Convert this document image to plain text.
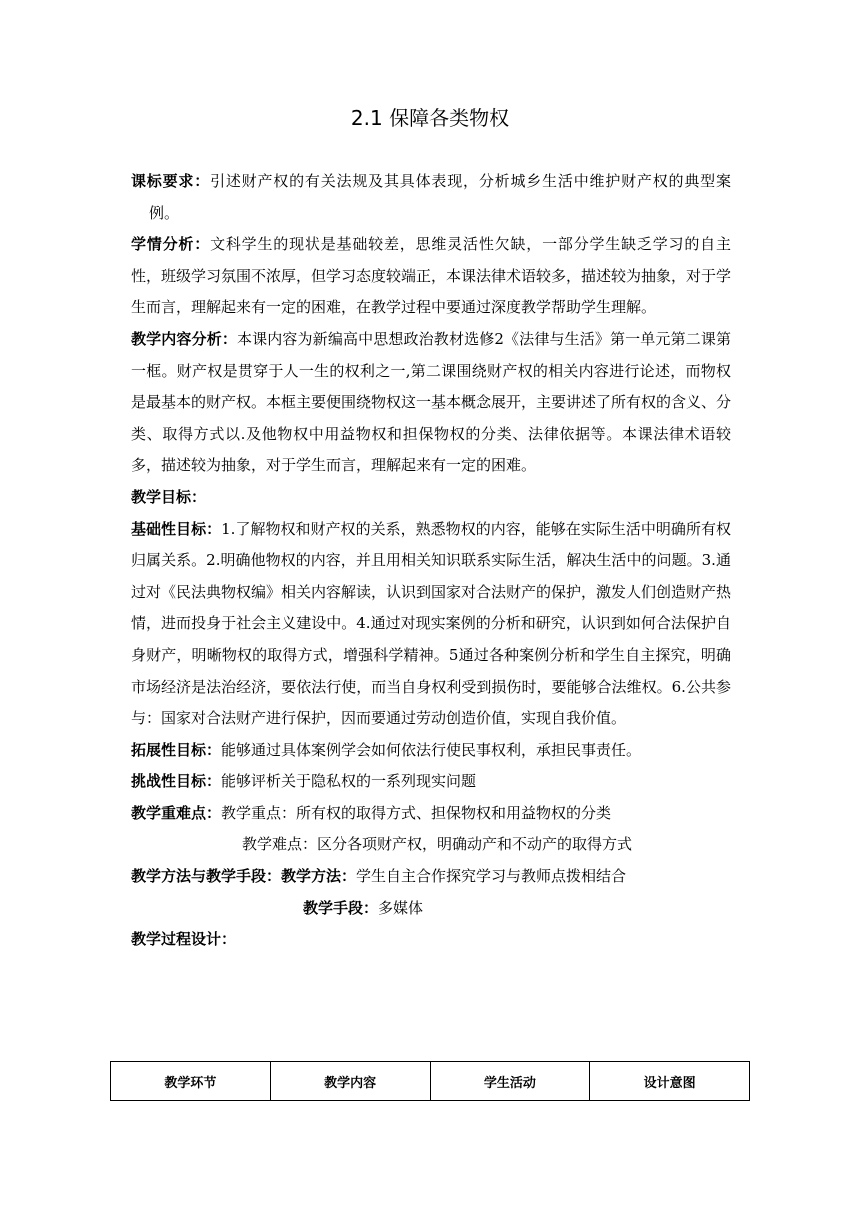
2.1 保障各类物权

课标要求：引述财产权的有关法规及其具体表现，分析城乡生活中维护财产权的典型案例。

学情分析：文科学生的现状是基础较差，思维灵活性欠缺，一部分学生缺乏学习的自主性，班级学习氛围不浓厚，但学习态度较端正，本课法律术语较多，描述较为抽象，对于学生而言，理解起来有一定的困难，在教学过程中要通过深度教学帮助学生理解。

教学内容分析：本课内容为新编高中思想政治教材选修2《法律与生活》第一单元第二课第一框。财产权是贯穿于人一生的权利之一,第二课围绕财产权的相关内容进行论述，而物权是最基本的财产权。本框主要便围绕物权这一基本概念展开，主要讲述了所有权的含义、分类、取得方式以.及他物权中用益物权和担保物权的分类、法律依据等。本课法律术语较多，描述较为抽象，对于学生而言，理解起来有一定的困难。

教学目标：

基础性目标：1.了解物权和财产权的关系，熟悉物权的内容，能够在实际生活中明确所有权归属关系。2.明确他物权的内容，并且用相关知识联系实际生活，解决生活中的问题。3.通过对《民法典物权编》相关内容解读，认识到国家对合法财产的保护，激发人们创造财产热情，进而投身于社会主义建设中。4.通过对现实案例的分析和研究，认识到如何合法保护自身财产，明晰物权的取得方式，增强科学精神。5通过各种案例分析和学生自主探究，明确市场经济是法治经济，要依法行使，而当自身权利受到损伤时，要能够合法维权。6.公共参与：国家对合法财产进行保护，因而要通过劳动创造价值，实现自我价值。

拓展性目标：能够通过具体案例学会如何依法行使民事权利，承担民事责任。

挑战性目标：能够评析关于隐私权的一系列现实问题

教学重难点：教学重点：所有权的取得方式、担保物权和用益物权的分类

教学难点：区分各项财产权，明确动产和不动产的取得方式

教学方法与教学手段：教学方法：学生自主合作探究学习与教师点拨相结合

教学手段：多媒体

教学过程设计：

教学环节	教学内容	学生活动	设计意图
